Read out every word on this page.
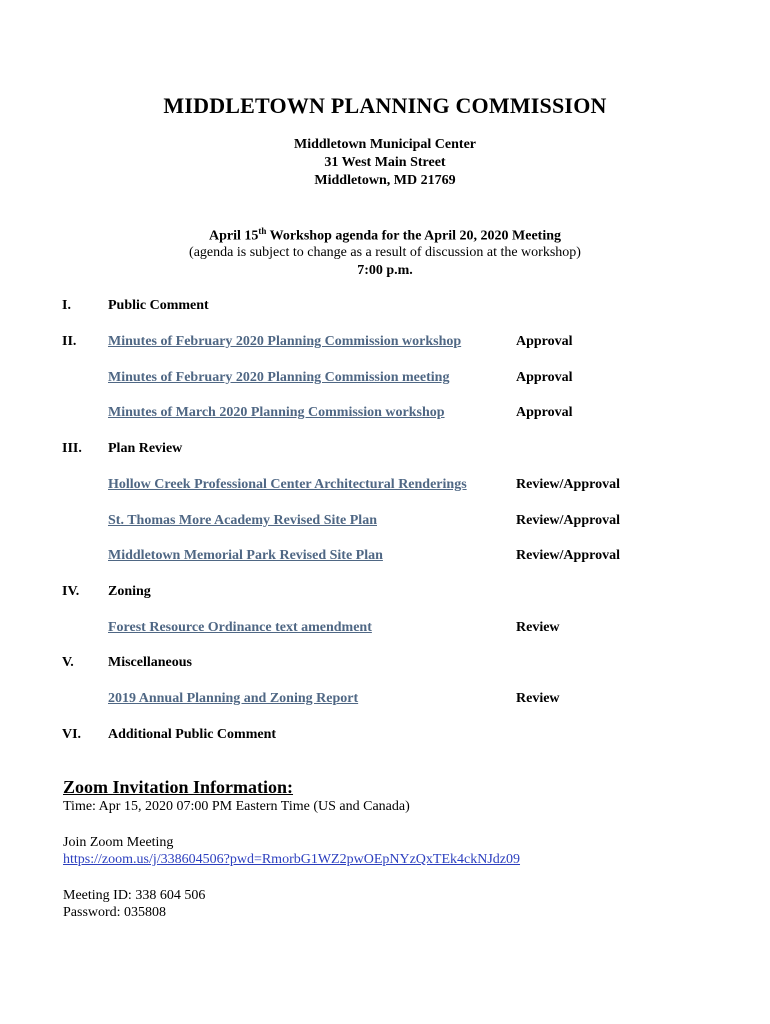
MIDDLETOWN PLANNING COMMISSION
Middletown Municipal Center
31 West Main Street
Middletown, MD 21769
April 15th Workshop agenda for the April 20, 2020 Meeting
(agenda is subject to change as a result of discussion at the workshop)
7:00 p.m.
I.	Public Comment
II. Minutes of February 2020 Planning Commission workshop	Approval
Minutes of February 2020 Planning Commission meeting	Approval
Minutes of March 2020 Planning Commission workshop	Approval
III. Plan Review
Hollow Creek Professional Center Architectural Renderings	Review/Approval
St. Thomas More Academy Revised Site Plan	Review/Approval
Middletown Memorial Park Revised Site Plan	Review/Approval
IV. Zoning
Forest Resource Ordinance text amendment	Review
V. Miscellaneous
2019 Annual Planning and Zoning Report	Review
VI. Additional Public Comment
Zoom Invitation Information:
Time: Apr 15, 2020 07:00 PM Eastern Time (US and Canada)
Join Zoom Meeting
https://zoom.us/j/338604506?pwd=RmorbG1WZ2pwOEpNYzQxTEk4ckNJdz09
Meeting ID: 338 604 506
Password: 035808
